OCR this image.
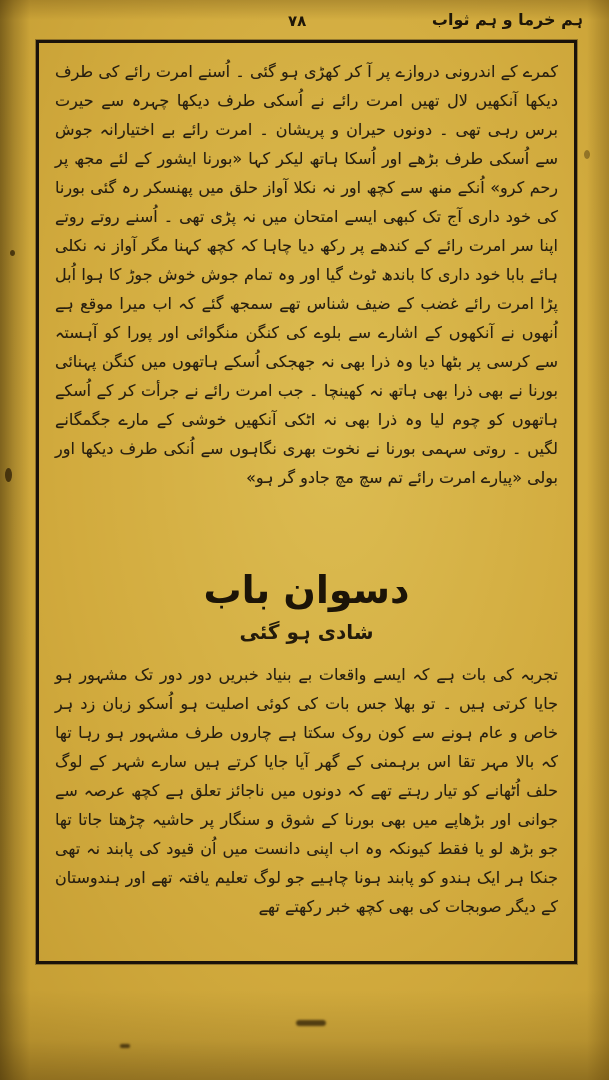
٧٨	ہم خرما و ہم ثواب

کمرے کے اندرونی دروازے پر آ کر کھڑی ہو گئی ۔ اُسنے امرت رائے کی طرف دیکھا آنکھیں لال تھیں امرت رائے نے اُسکی طرف دیکھا چہرہ سے حیرت برس رہی تھی ۔ دونوں حیران و پریشان ۔ امرت رائے بے اختیارانہ جوش سے اُسکی طرف بڑھے اور اُسکا ہاتھ لیکر کہا «بورنا ایشور کے لئے مجھ پر رحم کرو» اُنکے منھ سے کچھ اور نہ نکلا آواز حلق میں پھنسکر رہ گئی بورنا کی خود داری آج تک کبھی ایسے امتحان میں نہ پڑی تھی ۔ اُسنے روتے روتے اپنا سر امرت رائے کے کندھے پر رکھ دیا چاہا کہ کچھ کہنا مگر آواز نہ نکلی ہائے بابا خود داری کا باندھ ٹوٹ گیا اور وہ تمام جوش خوش جوڑ کا ہوا اُبل پڑا امرت رائے غضب کے ضیف شناس تھے سمجھ گئے کہ اب میرا موقع ہے اُنھوں نے آنکھوں کے اشارے سے بلوے کی کنگن منگوائی اور پورا کو آہستہ سے کرسی پر بٹھا دیا وہ ذرا بھی نہ جھجکی اُسکے ہاتھوں میں کنگن پہنائی بورنا نے بھی ذرا بھی ہاتھ نہ کھینچا ۔ جب امرت رائے نے جرأت کر کے اُسکے ہاتھوں کو چوم لیا وہ ذرا بھی نہ اٹکی آنکھیں خوشی کے مارے جگمگانے لگیں ۔ روتی سہمی بورنا نے نخوت بھری نگاہوں سے اُنکی طرف دیکھا اور بولی «پیارے امرت رائے تم سچ مچ جادو گر ہو»

دسوان باب
شادی ہو گئی

تجربہ کی بات ہے کہ ایسے واقعات بے بنیاد خبریں دور دور تک مشہور ہو جایا کرتی ہیں ۔ تو بھلا جس بات کی کوئی اصلیت ہو اُسکو زبان زد ہر خاص و عام ہونے سے کون روک سکتا ہے چاروں طرف مشہور ہو رہا تھا کہ بالا مہر تقا اس برہمنی کے گھر آیا جایا کرتے ہیں سارے شہر کے لوگ حلف اُٹھانے کو تیار رہتے تھے کہ دونوں میں ناجائز تعلق ہے کچھ عرصہ سے جوانی اور بڑھاپے میں بھی بورنا کے شوق و سنگار پر حاشیہ چڑھتا جاتا تھا جو بڑھ لو یا فقط کیونکہ وہ اب اپنی دانست میں اُن قیود کی پابند نہ تھی جنکا ہر ایک ہندو کو پابند ہونا چاہیے جو لوگ تعلیم یافتہ تھے اور ہندوستان کے دیگر صوبجات کی بھی کچھ خبر رکھتے تھے
